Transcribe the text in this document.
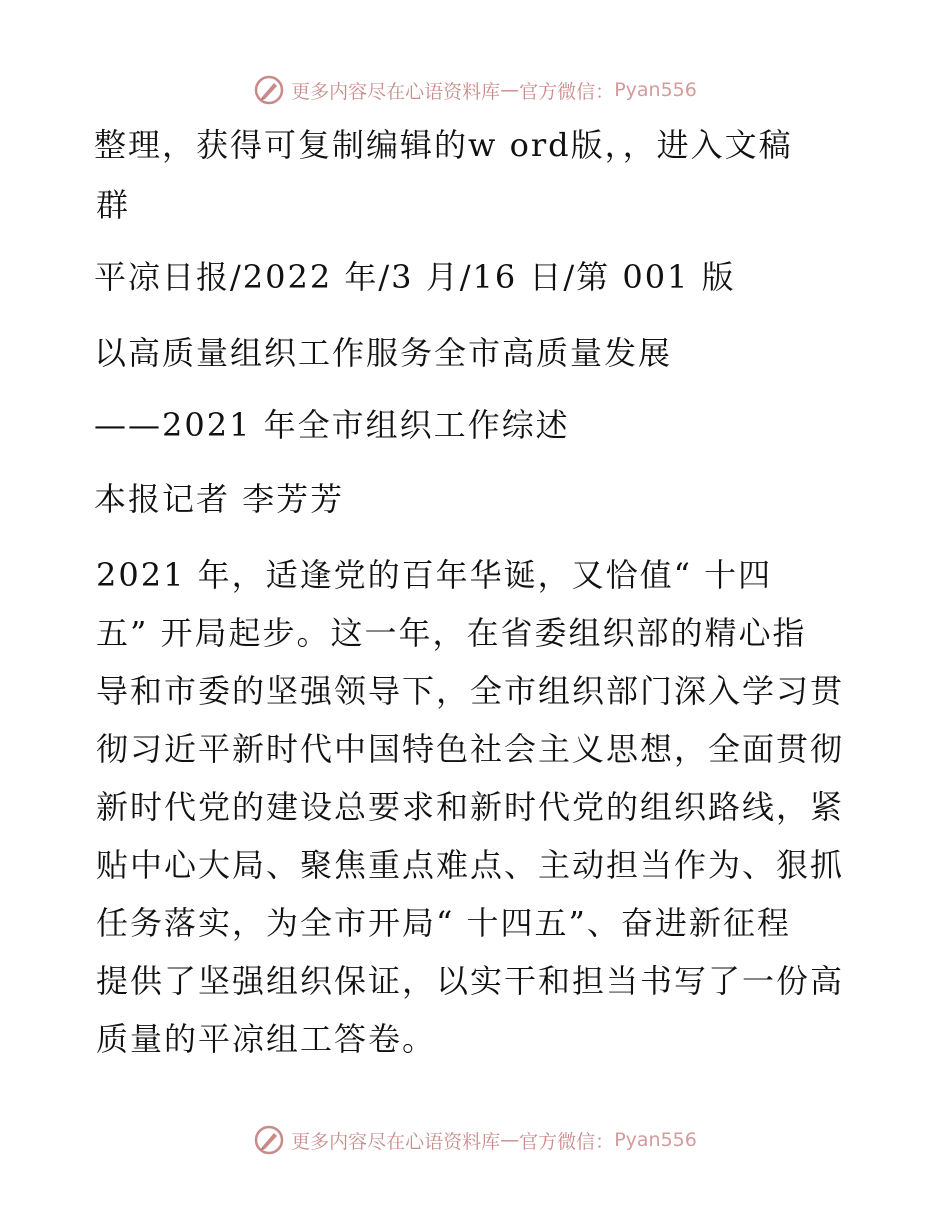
更多内容尽在心语资料库 — 官方微信： Pyan556
整理，获得可复制编辑的w ord版，，进入文稿
群
平凉日报/2022 年/3 月/16 日/第 001 版
以高质量组织工作服务全市高质量发展
——2021 年全市组织工作综述
本报记者 李芳芳
2021 年，适逢党的百年华诞，又恰值“ 十四
五” 开局起步。这一年，在省委组织部的精心指
导和市委的坚强领导下，全市组织部门深入学习贯
彻习近平新时代中国特色社会主义思想，全面贯彻
新时代党的建设总要求和新时代党的组织路线，紧
贴中心大局、聚焦重点难点、主动担当作为、狠抓
任务落实，为全市开局“ 十四五”、奋进新征程
提供了坚强组织保证，以实干和担当书写了一份高
质量的平凉组工答卷。
更多内容尽在心语资料库 — 官方微信： Pyan556
